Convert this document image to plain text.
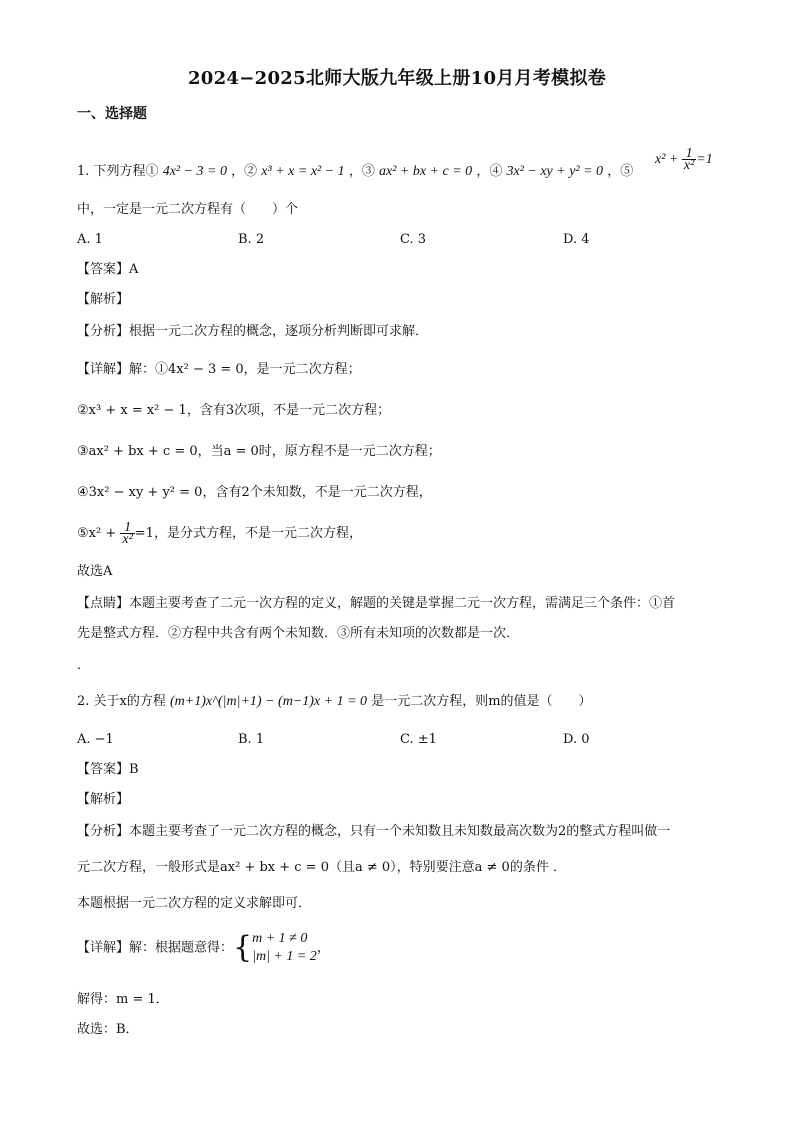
2024−2025北师大版九年级上册10月月考模拟卷
一、选择题
1. 下列方程① 4x² − 3 = 0 ，② x³ + x = x² − 1 ，③ ax² + bx + c = 0 ，④ 3x² − xy + y² = 0 ，⑤
$x^2 + \frac{1}{\text{x²}} =1$
中，一定是一元二次方程有（　　）个
A. 1	B. 2	C. 3	D. 4
【答案】A
【解析】
【分析】根据一元二次方程的概念，逐项分析判断即可求解．
【详解】解：①4x² − 3 = 0，是一元二次方程；
②x³ + x = x² − 1，含有3次项，不是一元二次方程；
③ax² + bx + c = 0，当a = 0时，原方程不是一元二次方程；
④3x² − xy + y² = 0，含有2个未知数，不是一元二次方程，
⑤x² + $\frac{1}{\text{x²}} =1$，是分式方程，不是一元二次方程，
故选A
【点睛】本题主要考查了二元一次方程的定义，解题的关键是掌握二元一次方程，需满足三个条件：①首
先是整式方程．②方程中共含有两个未知数．③所有未知项的次数都是一次．
．
2. 关于x的方程 (m+1)x^(|m|+1) − (m−1)x + 1 = 0 是一元二次方程，则m的值是（　　）
A. −1	B. 1	C. ±1	D. 0
【答案】B
【解析】
【分析】本题主要考查了一元二次方程的概念，只有一个未知数且未知数最高次数为2的整式方程叫做一
元二次方程，一般形式是ax² + bx + c = 0（且a ≠ 0），特别要注意a ≠ 0的条件 ．
本题根据一元二次方程的定义求解即可．
【详解】解：根据题意得：{ m + 1 ≠ 0
|m| + 1 = 2
，
解得：m = 1．
故选：B．
